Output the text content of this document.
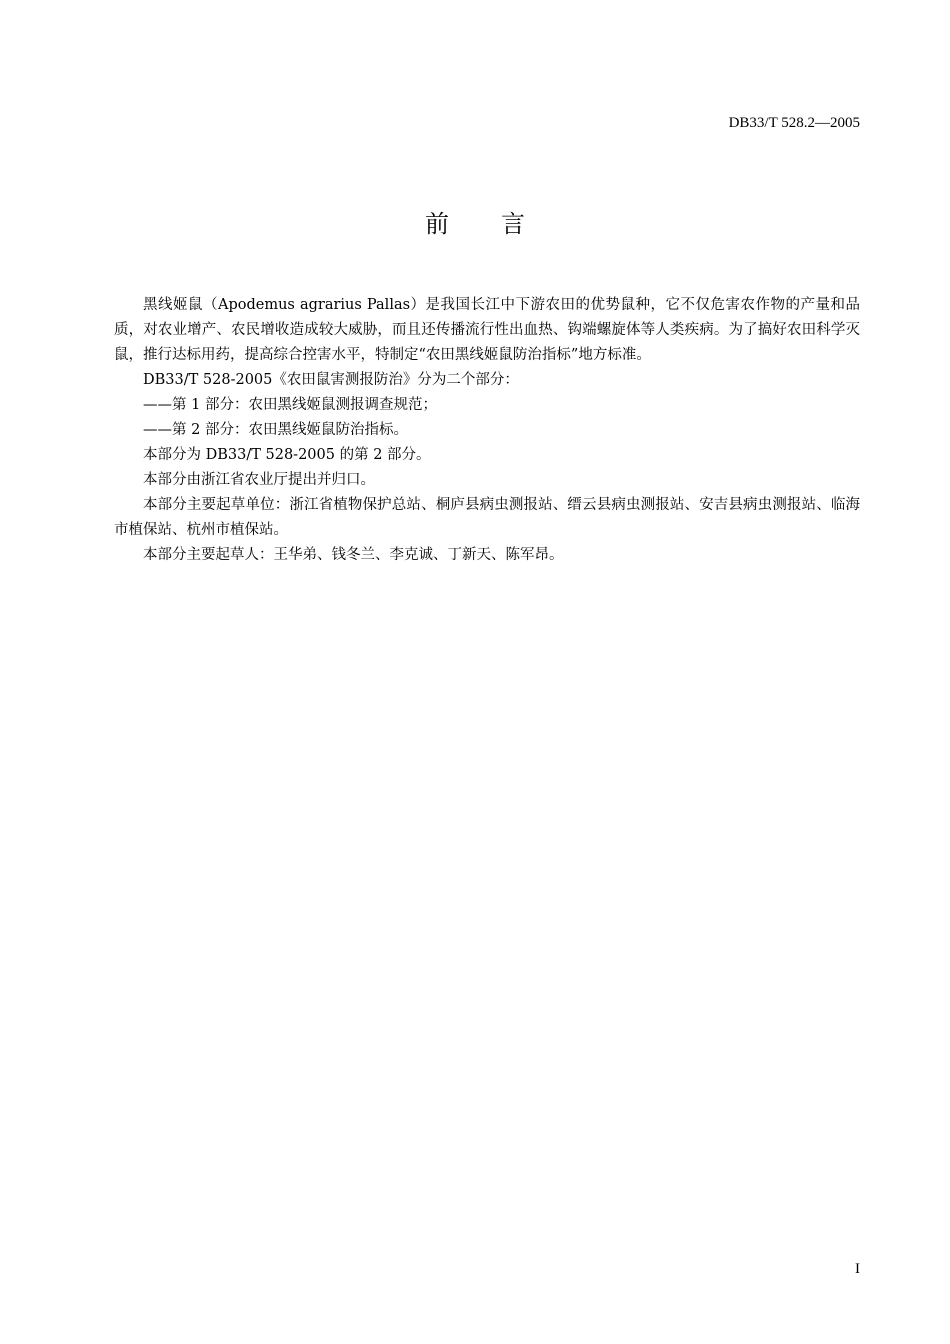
DB33/T 528.2—2005
前 言

黑线姬鼠（Apodemus agrarius Pallas）是我国长江中下游农田的优势鼠种，它不仅危害农作物的产量和品质，对农业增产、农民增收造成较大威胁，而且还传播流行性出血热、钩端螺旋体等人类疾病。为了搞好农田科学灭鼠，推行达标用药，提高综合控害水平，特制定“农田黑线姬鼠防治指标”地方标准。

DB33/T 528-2005《农田鼠害测报防治》分为二个部分：

——第 1 部分：农田黑线姬鼠测报调查规范；

——第 2 部分：农田黑线姬鼠防治指标。

本部分为 DB33/T 528-2005 的第 2 部分。

本部分由浙江省农业厅提出并归口。

本部分主要起草单位：浙江省植物保护总站、桐庐县病虫测报站、缙云县病虫测报站、安吉县病虫测报站、临海市植保站、杭州市植保站。

本部分主要起草人：王华弟、钱冬兰、李克诚、丁新天、陈军昂。

I
